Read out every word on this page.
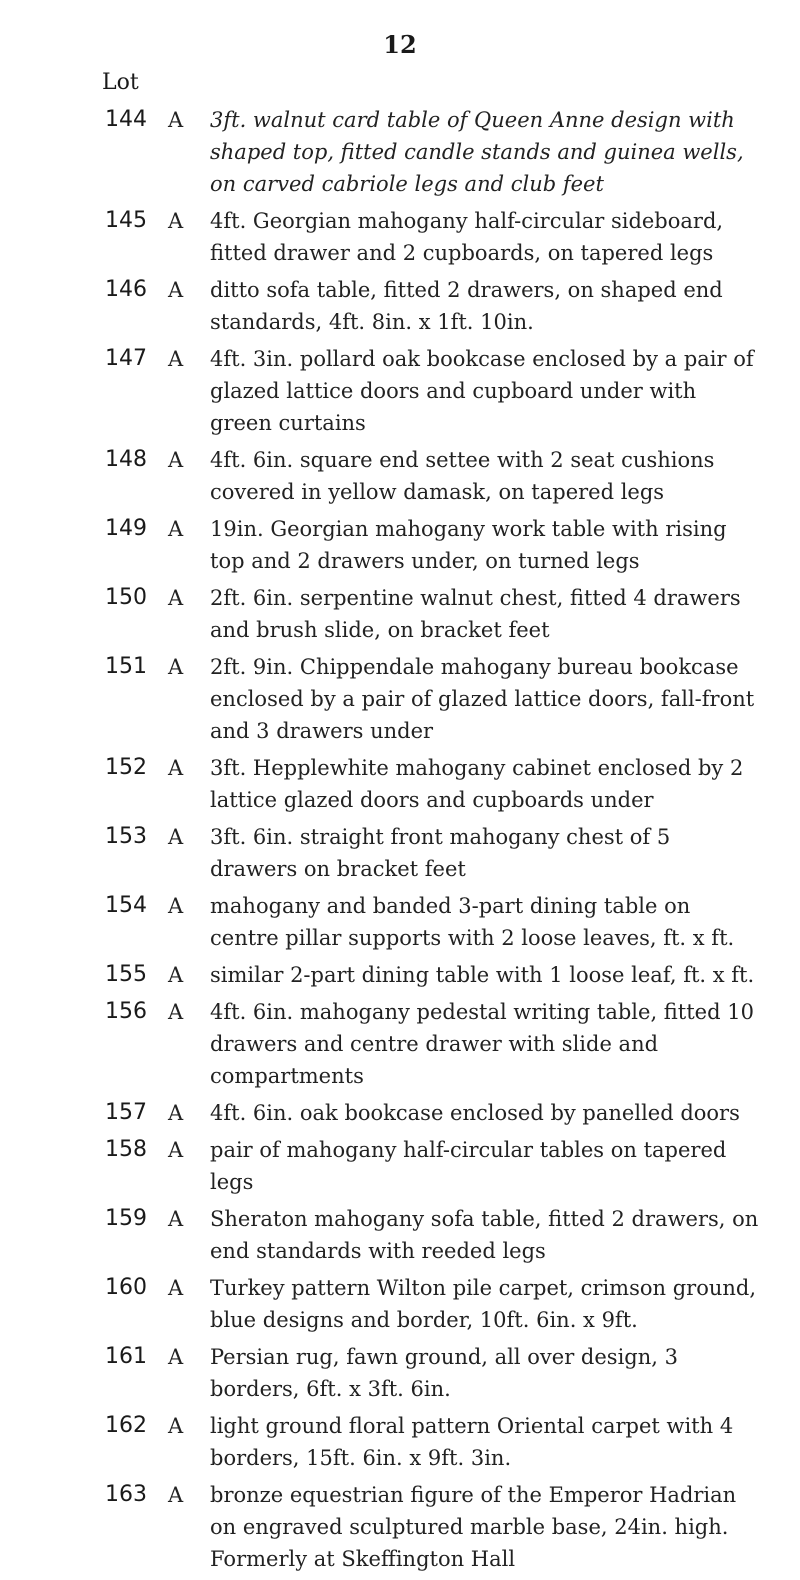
12
Lot
144	A 3ft. walnut card table of Queen Anne design with shaped top, fitted candle stands and guinea wells, on carved cabriole legs and club feet
145	A 4ft. Georgian mahogany half-circular sideboard, fitted drawer and 2 cupboards, on tapered legs
146	A ditto sofa table, fitted 2 drawers, on shaped end standards, 4ft. 8in. x 1ft. 10in.
147	A 4ft. 3in. pollard oak bookcase enclosed by a pair of glazed lattice doors and cupboard under with green curtains
148	A 4ft. 6in. square end settee with 2 seat cushions covered in yellow damask, on tapered legs
149	A 19in. Georgian mahogany work table with rising top and 2 drawers under, on turned legs
150	A 2ft. 6in. serpentine walnut chest, fitted 4 drawers and brush slide, on bracket feet
151	A 2ft. 9in. Chippendale mahogany bureau bookcase enclosed by a pair of glazed lattice doors, fall-front and 3 drawers under
152	A 3ft. Hepplewhite mahogany cabinet enclosed by 2 lattice glazed doors and cupboards under
153	A 3ft. 6in. straight front mahogany chest of 5 drawers on bracket feet
154	A mahogany and banded 3-part dining table on centre pillar supports with 2 loose leaves, ft. x ft.
155	A similar 2-part dining table with 1 loose leaf, ft. x ft.
156	A 4ft. 6in. mahogany pedestal writing table, fitted 10 drawers and centre drawer with slide and compartments
157	A 4ft. 6in. oak bookcase enclosed by panelled doors
158	A pair of mahogany half-circular tables on tapered legs
159	A Sheraton mahogany sofa table, fitted 2 drawers, on end standards with reeded legs
160	A Turkey pattern Wilton pile carpet, crimson ground, blue designs and border, 10ft. 6in. x 9ft.
161	A Persian rug, fawn ground, all over design, 3 borders, 6ft. x 3ft. 6in.
162	A light ground floral pattern Oriental carpet with 4 borders, 15ft. 6in. x 9ft. 3in.
163	A bronze equestrian figure of the Emperor Hadrian on engraved sculptured marble base, 24in. high. Formerly at Skeffington Hall
